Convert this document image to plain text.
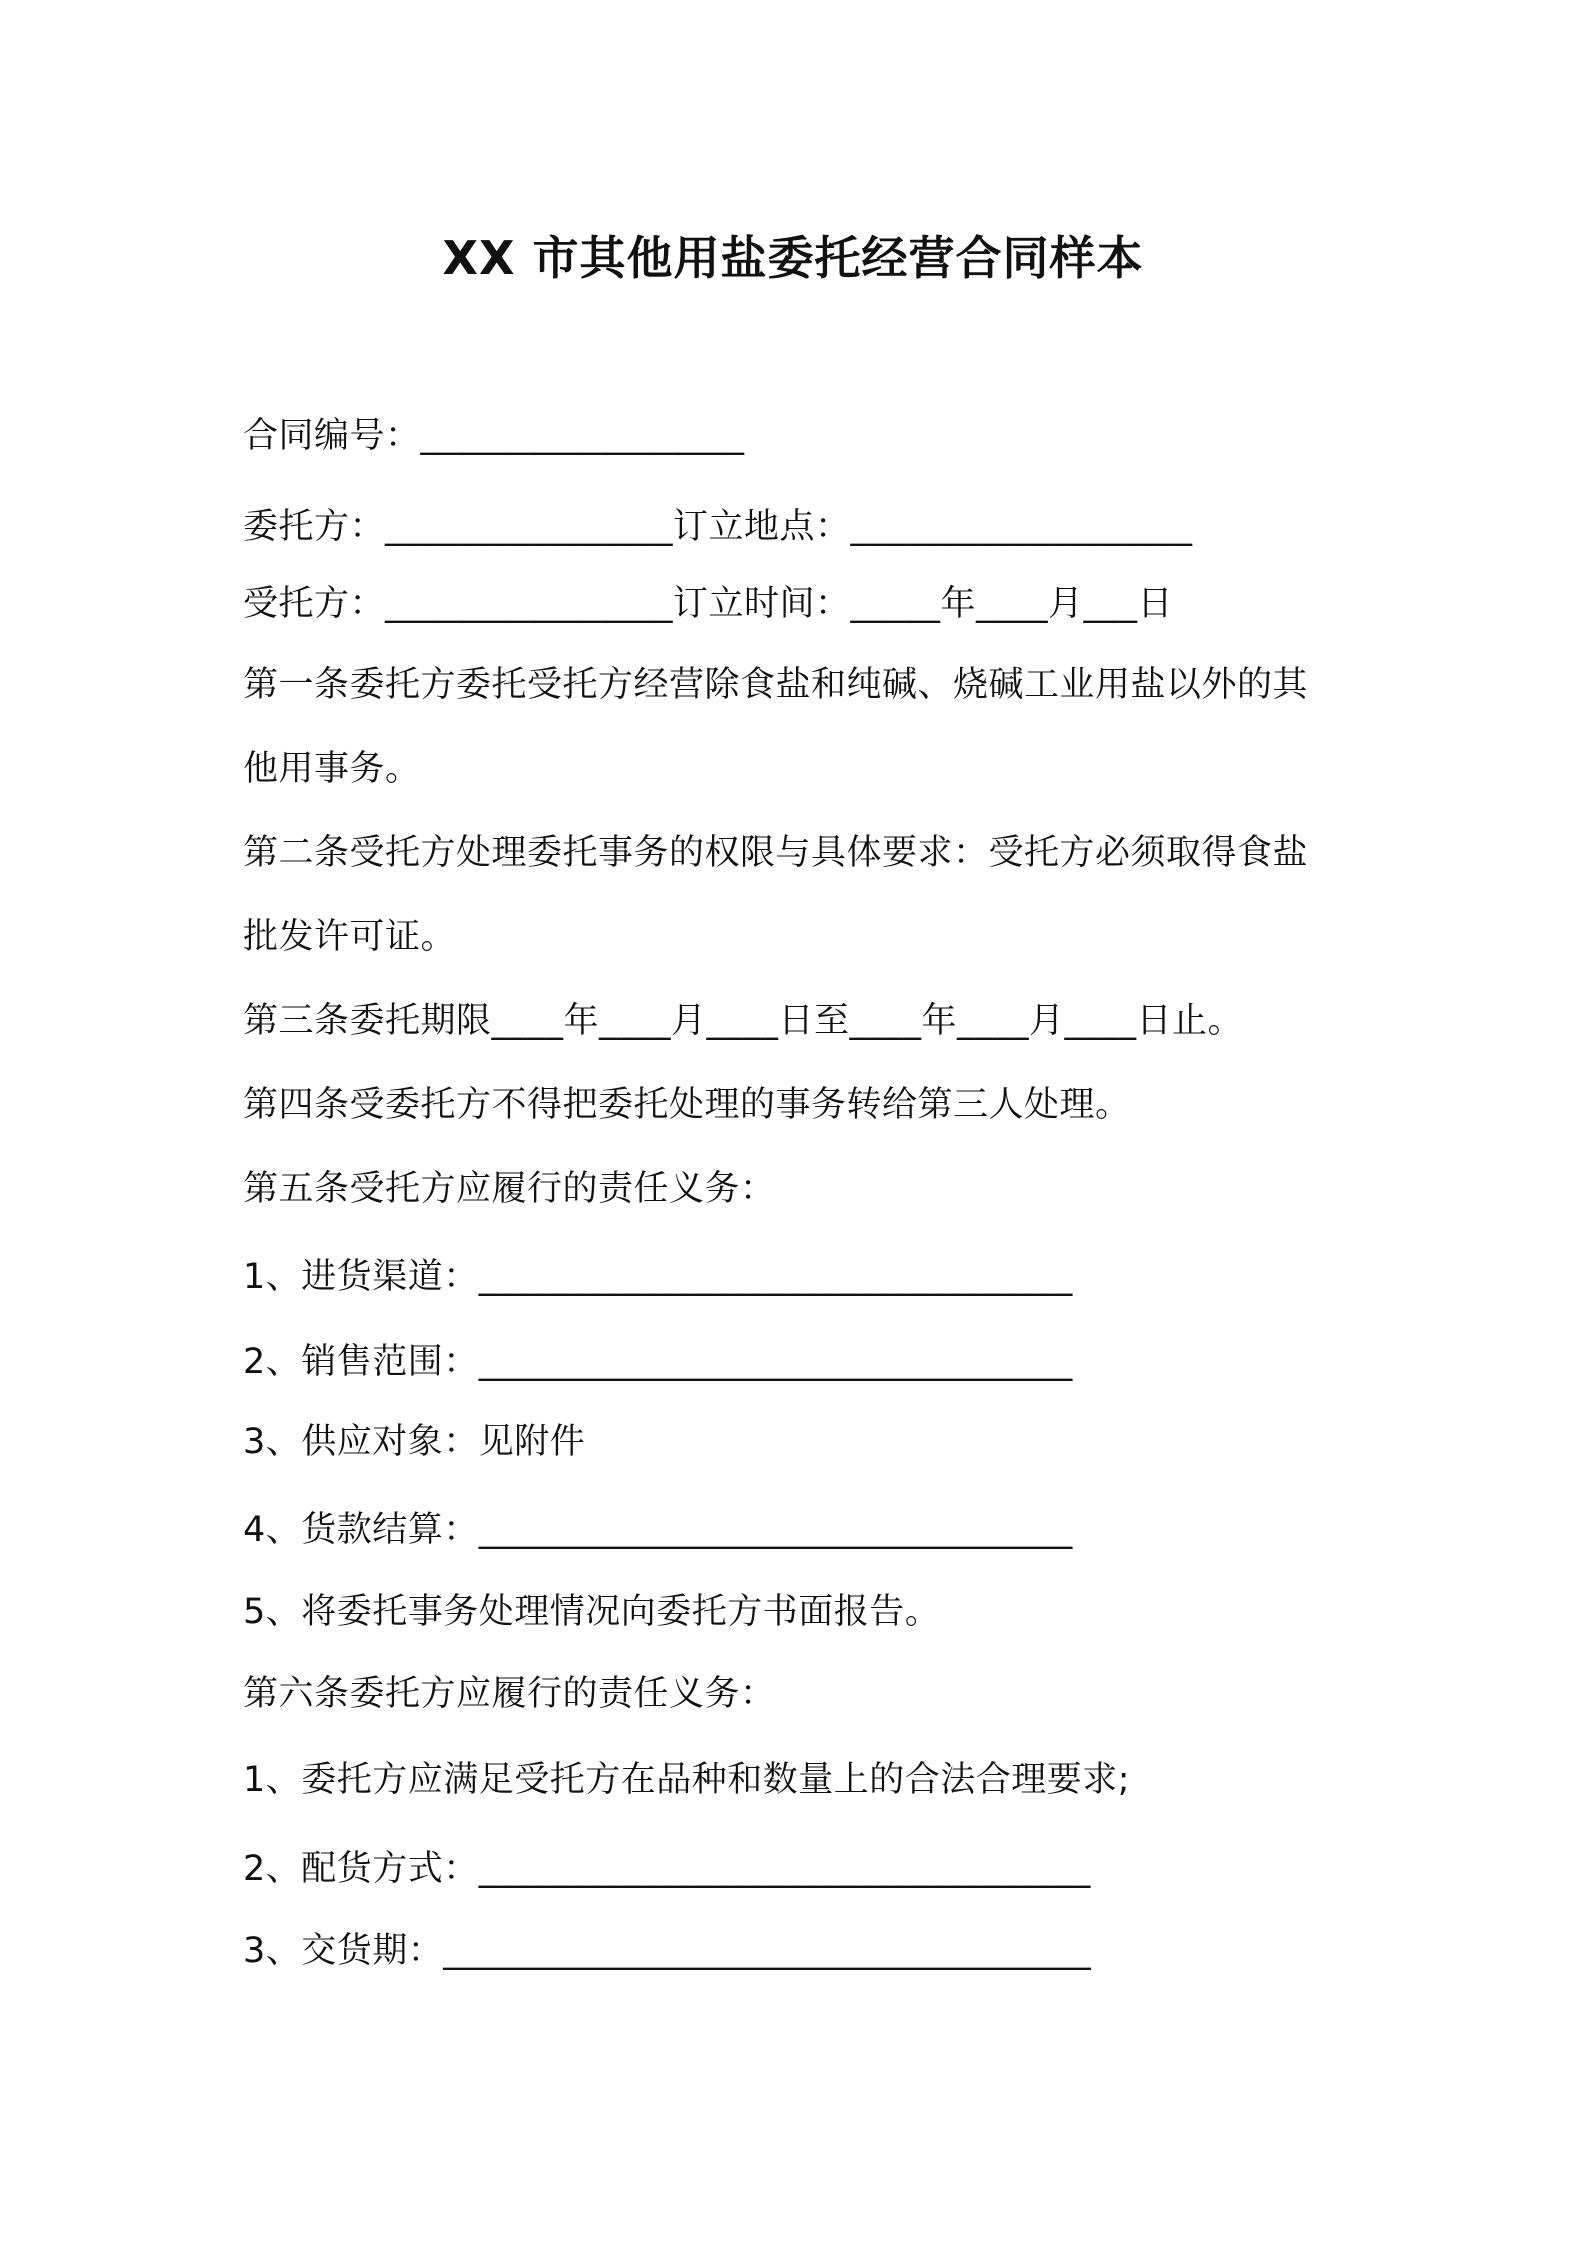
XX 市其他用盐委托经营合同样本
合同编号：__________________
委托方：________________订立地点：___________________
受托方：________________订立时间：_____年____月___日
第一条委托方委托受托方经营除食盐和纯碱、烧碱工业用盐以外的其
他用事务。
第二条受托方处理委托事务的权限与具体要求：受托方必须取得食盐
批发许可证。
第三条委托期限____年____月____日至____年____月____日止。
第四条受委托方不得把委托处理的事务转给第三人处理。
第五条受托方应履行的责任义务：
1、进货渠道：_________________________________
2、销售范围：_________________________________
3、供应对象：见附件
4、货款结算：_________________________________
5、将委托事务处理情况向委托方书面报告。
第六条委托方应履行的责任义务：
1、委托方应满足受托方在品种和数量上的合法合理要求;
2、配货方式：__________________________________
3、交货期：____________________________________
